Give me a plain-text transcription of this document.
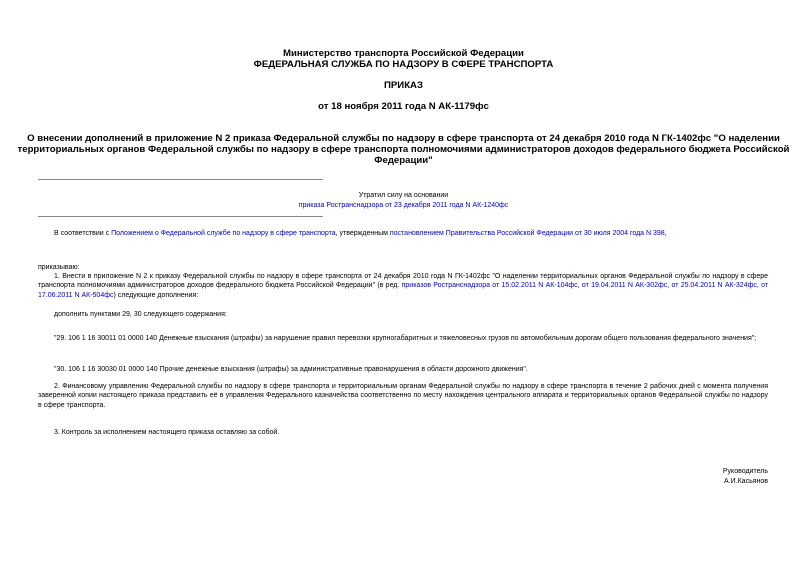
Министерство транспорта Российской Федерации
ФЕДЕРАЛЬНАЯ СЛУЖБА ПО НАДЗОРУ В СФЕРЕ ТРАНСПОРТА
ПРИКАЗ
от 18 ноября 2011 года N АК-1179фс
О внесении дополнений в приложение N 2 приказа Федеральной службы по надзору в сфере транспорта от 24 декабря 2010 года N ГК-1402фс "О наделении
территориальных органов Федеральной службы по надзору в сфере транспорта полномочиями администраторов доходов федерального бюджета Российской
Федерации"
Утратил силу на основании
приказа Ространснадзора от 23 декабря 2011 года N АК-1240фс
В соответствии с Положением о Федеральной службе по надзору в сфере транспорта, утвержденным постановлением Правительства Российской Федерации от 30 июля 2004 года N 398,
приказываю:
1. Внести в приложение N 2 к приказу Федеральной службы по надзору в сфере транспорта от 24 декабря 2010 года N ГК-1402фс "О наделении территориальных органов Федеральной службы по надзору в сфере транспорта полномочиями администраторов доходов федерального бюджета Российской Федерации" (в ред. приказов Ространснадзора от 15.02.2011 N АК-104фс, от 19.04.2011 N АК-302фс, от 25.04.2011 N АК-324фс, от 17.06.2011 N АК-504фс) следующие дополнения:
дополнить пунктами 29, 30 следующего содержания:
"29. 106 1 16 30011 01 0000 140 Денежные взыскания (штрафы) за нарушение правил перевозки крупногабаритных и тяжеловесных грузов по автомобильным дорогам общего пользования федерального значения";
"30. 106 1 16 30030 01 0000 140 Прочие денежные взыскания (штрафы) за административные правонарушения в области дорожного движения".
2. Финансовому управлению Федеральной службы по надзору в сфере транспорта и территориальным органам Федеральной службы по надзору в сфере транспорта в течение 2 рабочих дней с момента получения заверенной копии настоящего приказа представить её в управления Федерального казначейства соответственно по месту нахождения центрального аппарата и территориальных органов Федеральной службы по надзору в сфере транспорта.
3. Контроль за исполнением настоящего приказа оставляю за собой.
Руководитель
А.И.Касьянов
